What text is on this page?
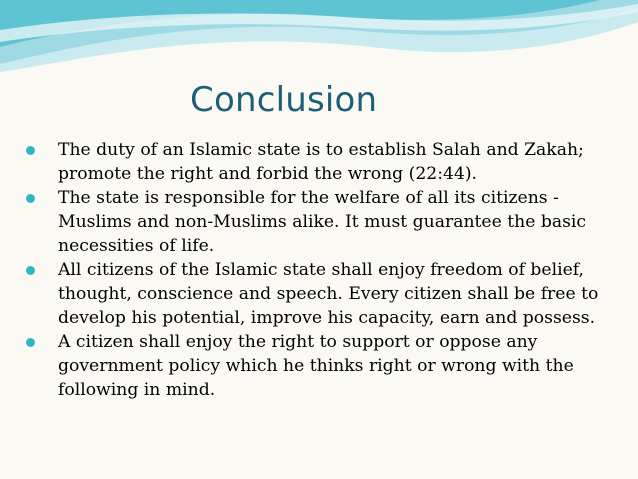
Conclusion
The duty of an Islamic state is to establish Salah and Zakah; promote the right and forbid the wrong (22:44).
The state is responsible for the welfare of all its citizens - Muslims and non-Muslims alike. It must guarantee the basic necessities of life.
All citizens of the Islamic state shall enjoy freedom of belief, thought, conscience and speech. Every citizen shall be free to develop his potential, improve his capacity, earn and possess.
A citizen shall enjoy the right to support or oppose any government policy which he thinks right or wrong with the following in mind.
